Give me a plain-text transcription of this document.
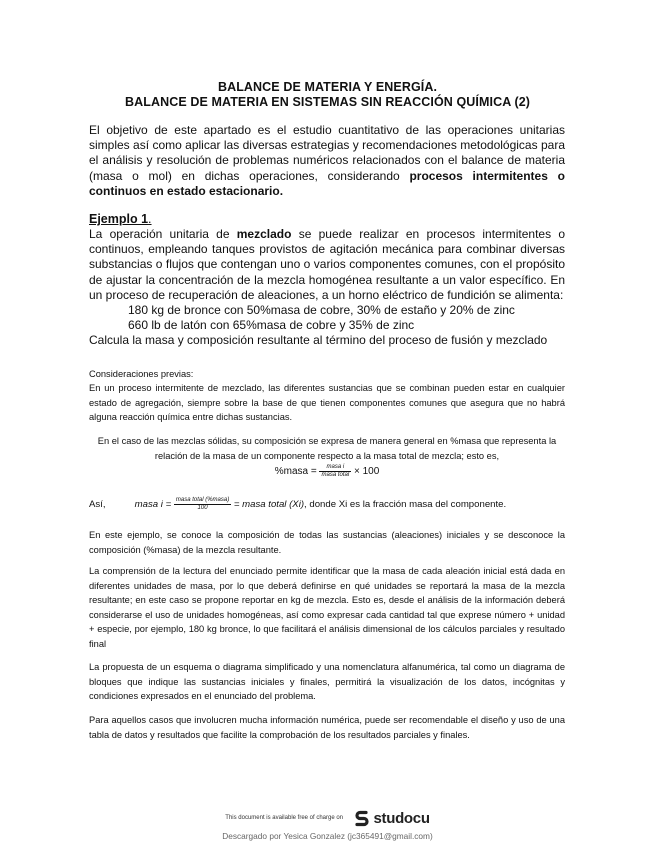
BALANCE DE MATERIA Y ENERGÍA.
BALANCE DE MATERIA EN SISTEMAS SIN REACCIÓN QUÍMICA (2)
El objetivo de este apartado es el estudio cuantitativo de las operaciones unitarias simples así como aplicar las diversas estrategias y recomendaciones metodológicas para el análisis y resolución de problemas numéricos relacionados con el balance de materia (masa o mol) en dichas operaciones, considerando procesos intermitentes o continuos en estado estacionario.
Ejemplo 1.
La operación unitaria de mezclado se puede realizar en procesos intermitentes o continuos, empleando tanques provistos de agitación mecánica para combinar diversas substancias o flujos que contengan uno o varios componentes comunes, con el propósito de ajustar la concentración de la mezcla homogénea resultante a un valor específico. En un proceso de recuperación de aleaciones, a un horno eléctrico de fundición se alimenta:
180 kg de bronce con 50%masa de cobre, 30% de estaño y 20% de zinc
660 lb de latón con 65%masa de cobre y 35% de zinc
Calcula la masa y composición resultante al término del proceso de fusión y mezclado
Consideraciones previas:
En un proceso intermitente de mezclado, las diferentes sustancias que se combinan pueden estar en cualquier estado de agregación, siempre sobre la base de que tienen componentes comunes que asegura que no habrá alguna reacción química entre dichas sustancias.
En el caso de las mezclas sólidas, su composición se expresa de manera general en %masa que representa la relación de la masa de un componente respecto a la masa total de mezcla; esto es,
%masa = $\frac{\text{masa i}}{\text{masa total}} \times 100$
Así,	masa $i = \frac{\text{masa total (\%masa)}}{100}$ = masa total (Xi), donde Xi es la fracción masa del componente.
En este ejemplo, se conoce la composición de todas las sustancias (aleaciones) iniciales y se desconoce la composición (%masa) de la mezcla resultante.
La comprensión de la lectura del enunciado permite identificar que la masa de cada aleación inicial está dada en diferentes unidades de masa, por lo que deberá definirse en qué unidades se reportará la masa de la mezcla resultante; en este caso se propone reportar en kg de mezcla. Esto es, desde el análisis de la información deberá considerarse el uso de unidades homogéneas, así como expresar cada cantidad tal que exprese número + unidad + especie, por ejemplo, 180 kg bronce, lo que facilitará el análisis dimensional de los cálculos parciales y resultado final
La propuesta de un esquema o diagrama simplificado y una nomenclatura alfanumérica, tal como un diagrama de bloques que indique las sustancias iniciales y finales, permitirá la visualización de los datos, incógnitas y condiciones expresados en el enunciado del problema.
Para aquellos casos que involucren mucha información numérica, puede ser recomendable el diseño y uso de una tabla de datos y resultados que facilite la comprobación de los resultados parciales y finales.
This document is available free of charge on studocu
Descargado por Yesica Gonzalez (jc365491@gmail.com)
